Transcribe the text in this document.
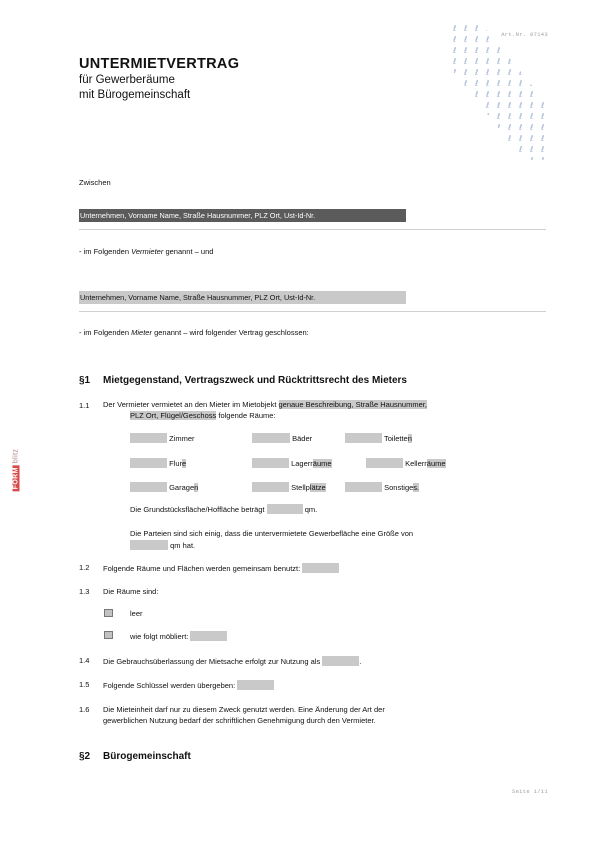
Art.Nr. 07143
UNTERMIETVERTRAG
für Gewerberäume
mit Bürogemeinschaft
FORMblitz
Zwischen
Unternehmen, Vorname Name, Straße Hausnummer, PLZ Ort, Ust-Id-Nr.
- im Folgenden Vermieter genannt – und
Unternehmen, Vorname Name, Straße Hausnummer, PLZ Ort, Ust-Id-Nr.
- im Folgenden Mieter genannt – wird folgender Vertrag geschlossen:
§1 Mietgegenstand, Vertragszweck und Rücktrittsrecht des Mieters
1.1 Der Vermieter vermietet an den Mieter im Mietobjekt genaue Beschreibung, Straße Hausnummer,
PLZ Ort, Flügel/Geschoss folgende Räume:
Zimmer	Bäder	Toiletten
Flure	Lagerräume	Kellerräume
Garagen	Stellplätze	Sonstiges.
Die Grundstücksfläche/Hoffläche beträgt	qm.
Die Parteien sind sich einig, dass die untervermietete Gewerbefläche eine Größe von
qm hat.
1.2 Folgende Räume und Flächen werden gemeinsam benutzt:
1.3 Die Räume sind:
leer
wie folgt möbliert:
1.4 Die Gebrauchsüberlassung der Mietsache erfolgt zur Nutzung als	.
1.5 Folgende Schlüssel werden übergeben:
1.6 Die Mieteinheit darf nur zu diesem Zweck genutzt werden. Eine Änderung der Art der
gewerblichen Nutzung bedarf der schriftlichen Genehmigung durch den Vermieter.
§2 Bürogemeinschaft
Seite 1/11
